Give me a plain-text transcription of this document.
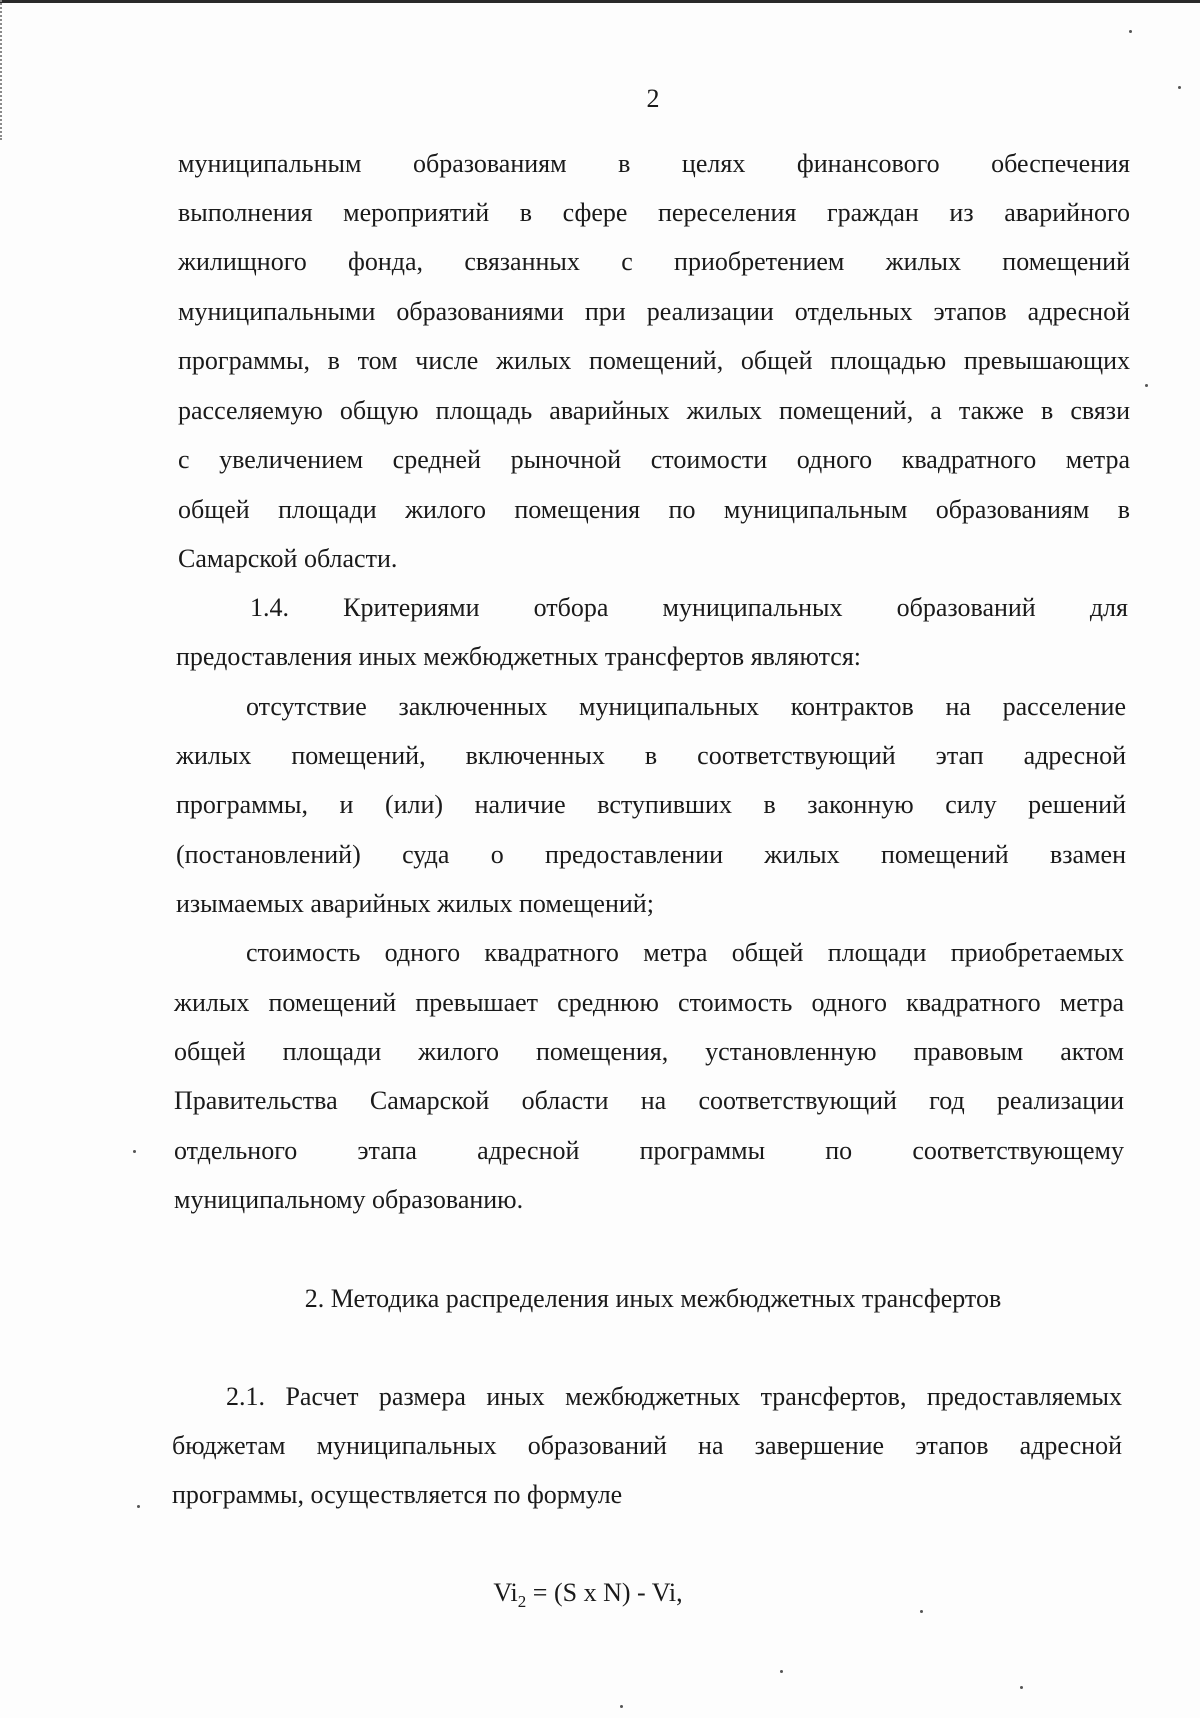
2
муниципальным образованиям в целях финансового обеспечения
выполнения мероприятий в сфере переселения граждан из аварийного
жилищного фонда, связанных с приобретением жилых помещений
муниципальными образованиями при реализации отдельных этапов адресной
программы, в том числе жилых помещений, общей площадью превышающих
расселяемую общую площадь аварийных жилых помещений, а также в связи
с увеличением средней рыночной стоимости одного квадратного метра
общей площади жилого помещения по муниципальным образованиям в
Самарской области.
1.4. Критериями отбора муниципальных образований для
предоставления иных межбюджетных трансфертов являются:
отсутствие заключенных муниципальных контрактов на расселение
жилых помещений, включенных в соответствующий этап адресной
программы, и (или) наличие вступивших в законную силу решений
(постановлений) суда о предоставлении жилых помещений взамен
изымаемых аварийных жилых помещений;
стоимость одного квадратного метра общей площади приобретаемых
жилых помещений превышает среднюю стоимость одного квадратного метра
общей площади жилого помещения, установленную правовым актом
Правительства Самарской области на соответствующий год реализации
отдельного этапа адресной программы по соответствующему
муниципальному образованию.
2. Методика распределения иных межбюджетных трансфертов
2.1. Расчет размера иных межбюджетных трансфертов, предоставляемых
бюджетам муниципальных образований на завершение этапов адресной
программы, осуществляется по формуле
$Vi_2 = (S$ x N) - Vi,
